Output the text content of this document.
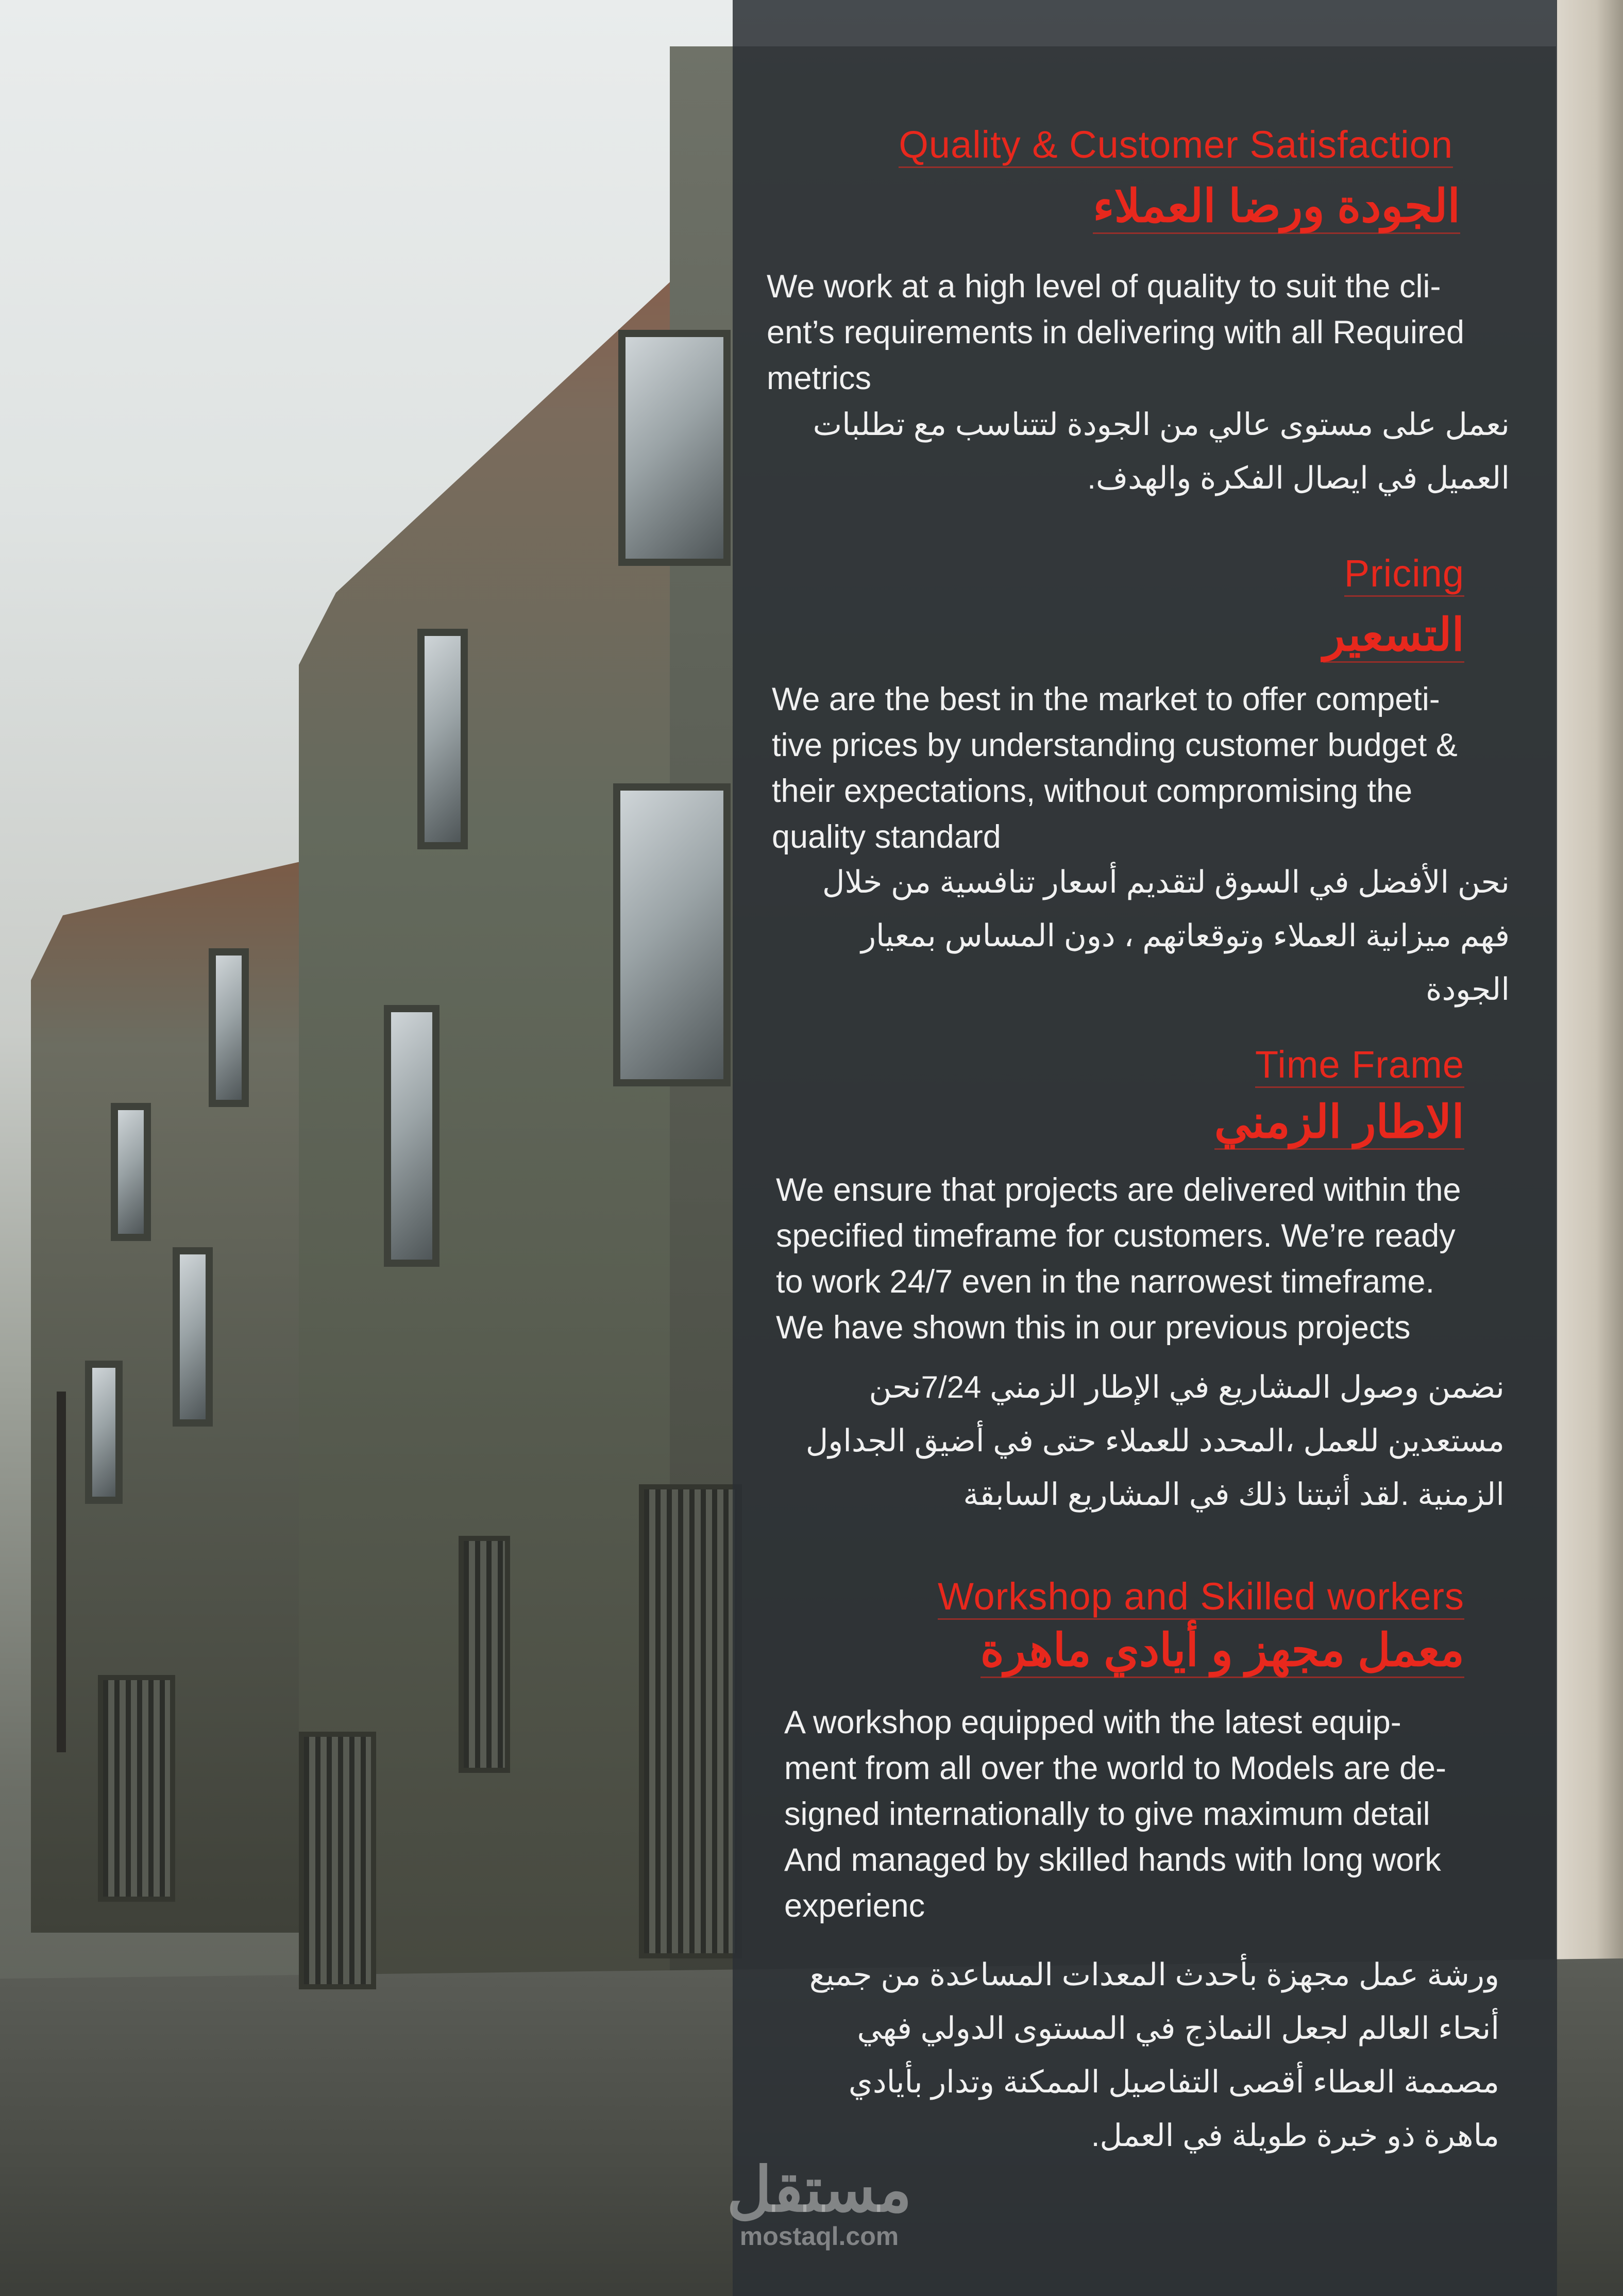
Quality & Customer Satisfaction
الجودة ورضا العملاء
We work at a high level of quality to suit the cli-
ent’s requirements in delivering with all Required
metrics
نعمل على مستوى عالي من الجودة لتتناسب مع تطلبات
العميل في ايصال الفكرة والهدف.
Pricing
التسعير
We are the best in the market to offer competi-
tive prices by understanding customer budget &
their expectations, without compromising the
quality standard
نحن الأفضل في السوق لتقديم أسعار تنافسية من خلال
فهم ميزانية العملاء وتوقعاتهم ، دون المساس بمعيار
الجودة
Time Frame
الاطار الزمني
We ensure that projects are delivered within the
specified timeframe for customers. We’re ready
to work 24/7 even in the narrowest timeframe.
We have shown this in our previous projects
نضمن وصول المشاريع في الإطار الزمني 7/24نحن
مستعدين للعمل ،المحدد للعملاء حتى في أضيق الجداول
الزمنية .لقد أثبتنا ذلك في المشاريع السابقة
Workshop and Skilled workers
معمل مجهز و أيادي ماهرة
A workshop equipped with the latest equip-
ment from all over the world to Models are de-
signed internationally to give maximum detail
And managed by skilled hands with long work
experienc
ورشة عمل مجهزة بأحدث المعدات المساعدة من جميع
أنحاء العالم لجعل النماذج في المستوى الدولي فهي
مصممة العطاء أقصى التفاصيل الممكنة وتدار بأيادي
ماهرة ذو خبرة طويلة في العمل.
مستقل
mostaql.com
